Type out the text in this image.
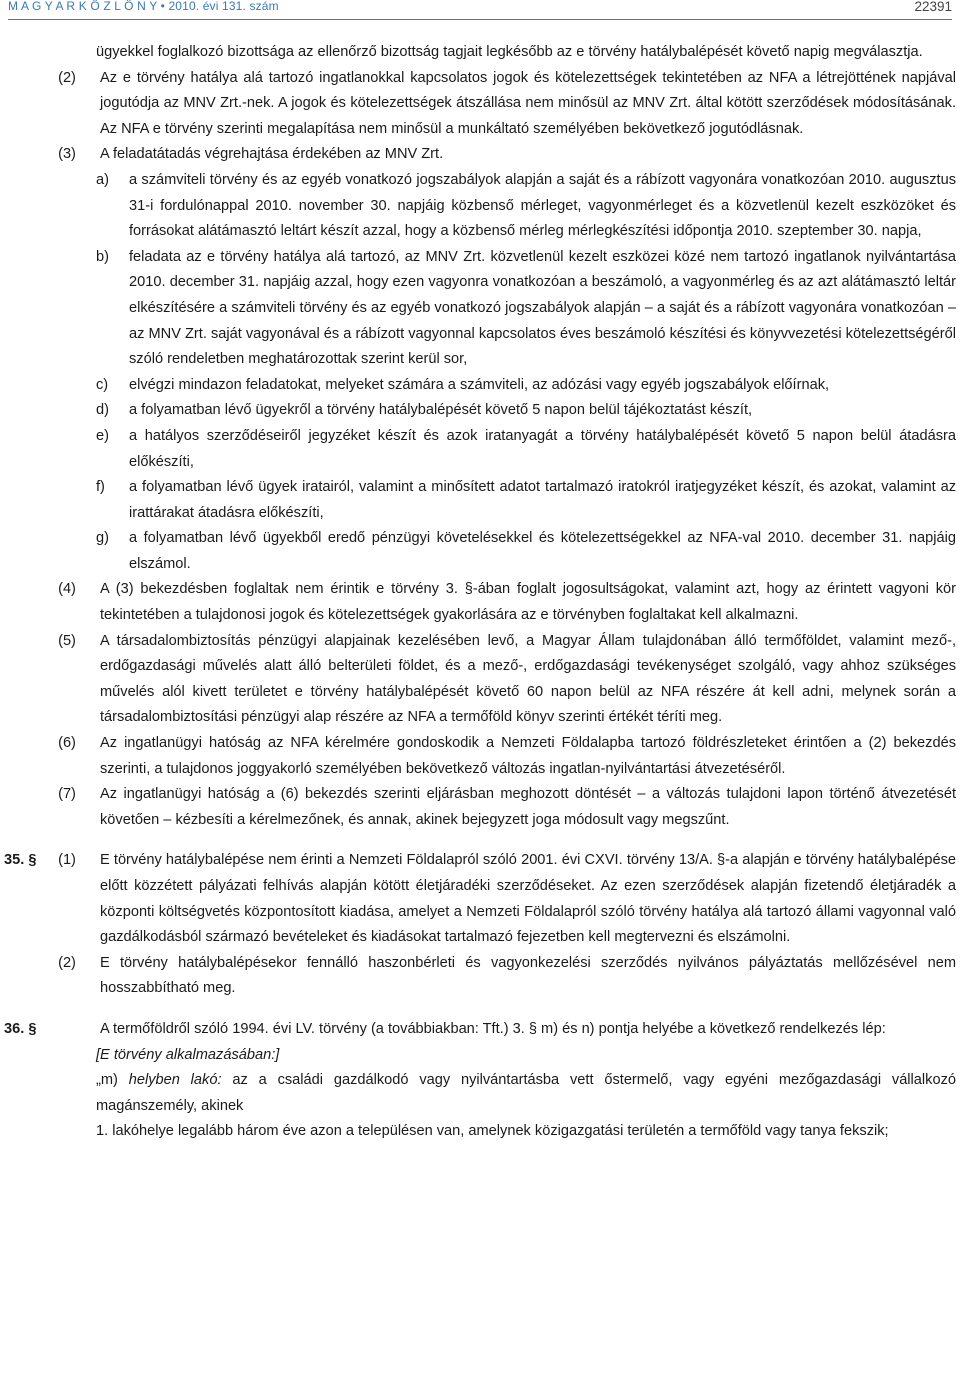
M A G Y A R K Ö Z L Ö N Y • 2010. évi 131. szám	22391
ügyekkel foglalkozó bizottsága az ellenőrző bizottság tagjait legkésőbb az e törvény hatálybalépését követő napig megválasztja.
(2)	Az e törvény hatálya alá tartozó ingatlanokkal kapcsolatos jogok és kötelezettségek tekintetében az NFA a létrejöttének napjával jogutódja az MNV Zrt.-nek. A jogok és kötelezettségek átszállása nem minősül az MNV Zrt. által kötött szerződések módosításának. Az NFA e törvény szerinti megalapítása nem minősül a munkáltató személyében bekövetkező jogutódlásnak.
(3)	A feladatátadás végrehajtása érdekében az MNV Zrt.
a)	a számviteli törvény és az egyéb vonatkozó jogszabályok alapján a saját és a rábízott vagyonára vonatkozóan 2010. augusztus 31-i fordulónappal 2010. november 30. napjáig közbenső mérleget, vagyonmérleget és a közvetlenül kezelt eszközöket és forrásokat alátámasztó leltárt készít azzal, hogy a közbenső mérleg mérlegkészítési időpontja 2010. szeptember 30. napja,
b)	feladata az e törvény hatálya alá tartozó, az MNV Zrt. közvetlenül kezelt eszközei közé nem tartozó ingatlanok nyilvántartása 2010. december 31. napjáig azzal, hogy ezen vagyonra vonatkozóan a beszámoló, a vagyonmérleg és az azt alátámasztó leltár elkészítésére a számviteli törvény és az egyéb vonatkozó jogszabályok alapján – a saját és a rábízott vagyonára vonatkozóan – az MNV Zrt. saját vagyonával és a rábízott vagyonnal kapcsolatos éves beszámoló készítési és könyvvezetési kötelezettségéről szóló rendeletben meghatározottak szerint kerül sor,
c)	elvégzi mindazon feladatokat, melyeket számára a számviteli, az adózási vagy egyéb jogszabályok előírnak,
d)	a folyamatban lévő ügyekről a törvény hatálybalépését követő 5 napon belül tájékoztatást készít,
e)	a hatályos szerződéseiről jegyzéket készít és azok iratanyagát a törvény hatálybalépését követő 5 napon belül átadásra előkészíti,
f)	a folyamatban lévő ügyek iratairól, valamint a minősített adatot tartalmazó iratokról iratjegyzéket készít, és azokat, valamint az irattárakat átadásra előkészíti,
g)	a folyamatban lévő ügyekből eredő pénzügyi követelésekkel és kötelezettségekkel az NFA-val 2010. december 31. napjáig elszámol.
(4)	A (3) bekezdésben foglaltak nem érintik e törvény 3. §-ában foglalt jogosultságokat, valamint azt, hogy az érintett vagyoni kör tekintetében a tulajdonosi jogok és kötelezettségek gyakorlására az e törvényben foglaltakat kell alkalmazni.
(5)	A társadalombiztosítás pénzügyi alapjainak kezelésében levő, a Magyar Állam tulajdonában álló termőföldet, valamint mező-, erdőgazdasági művelés alatt álló belterületi földet, és a mező-, erdőgazdasági tevékenységet szolgáló, vagy ahhoz szükséges művelés alól kivett területet e törvény hatálybalépését követő 60 napon belül az NFA részére át kell adni, melynek során a társadalombiztosítási pénzügyi alap részére az NFA a termőföld könyv szerinti értékét téríti meg.
(6)	Az ingatlanügyi hatóság az NFA kérelmére gondoskodik a Nemzeti Földalapba tartozó földrészleteket érintően a (2) bekezdés szerinti, a tulajdonos joggyakorló személyében bekövetkező változás ingatlan-nyilvántartási átvezetéséről.
(7)	Az ingatlanügyi hatóság a (6) bekezdés szerinti eljárásban meghozott döntését – a változás tulajdoni lapon történő átvezetését követően – kézbesíti a kérelmezőnek, és annak, akinek bejegyzett joga módosult vagy megszűnt.
35. §	(1)	E törvény hatálybalépése nem érinti a Nemzeti Földalapról szóló 2001. évi CXVI. törvény 13/A. §-a alapján e törvény hatálybalépése előtt közzétett pályázati felhívás alapján kötött életjáradéki szerződéseket. Az ezen szerződések alapján fizetendő életjáradék a központi költségvetés központosított kiadása, amelyet a Nemzeti Földalapról szóló törvény hatálya alá tartozó állami vagyonnal való gazdálkodásból származó bevételeket és kiadásokat tartalmazó fejezetben kell megtervezni és elszámolni.
(2)	E törvény hatálybalépésekor fennálló haszonbérleti és vagyonkezelési szerződés nyilvános pályáztatás mellőzésével nem hosszabbítható meg.
36. §	A termőföldről szóló 1994. évi LV. törvény (a továbbiakban: Tft.) 3. § m) és n) pontja helyébe a következő rendelkezés lép:
[E törvény alkalmazásában:]
„m) helyben lakó: az a családi gazdálkodó vagy nyilvántartásba vett őstermelő, vagy egyéni mezőgazdasági vállalkozó magánszemély, akinek
1. lakóhelye legalább három éve azon a településen van, amelynek közigazgatási területén a termőföld vagy tanya fekszik;
